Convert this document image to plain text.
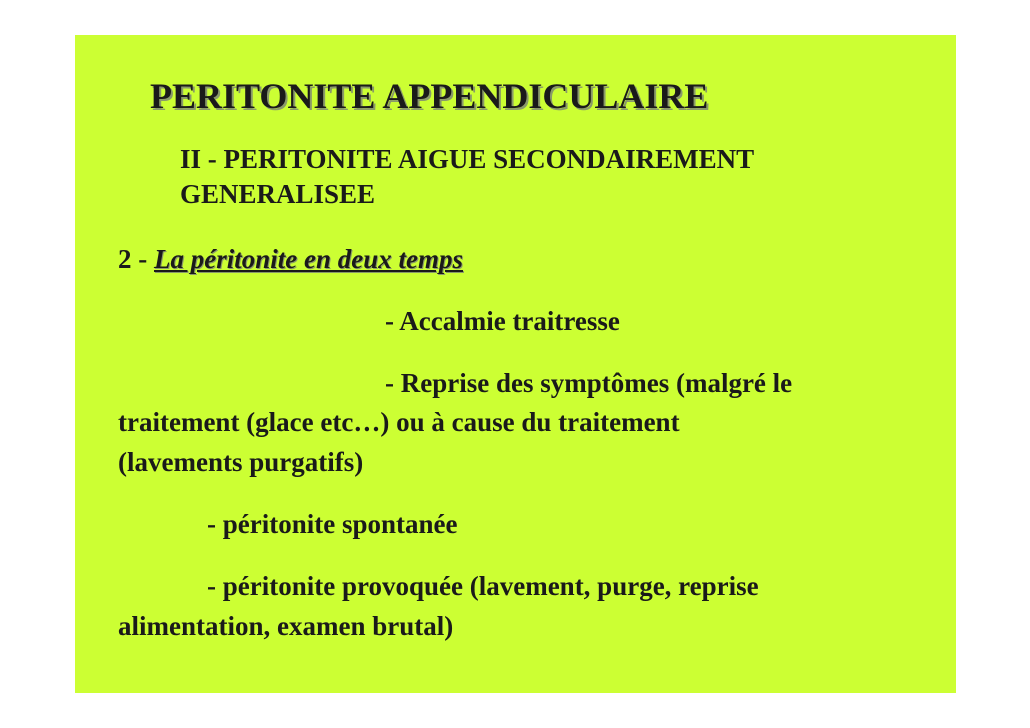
PERITONITE APPENDICULAIRE
II - PERITONITE AIGUE SECONDAIREMENT
GENERALISEE
2 - La péritonite en deux temps
- Accalmie traitresse
- Reprise des symptômes (malgré le
traitement (glace etc…) ou à cause du traitement
(lavements purgatifs)
- péritonite spontanée
- péritonite provoquée (lavement, purge, reprise
alimentation, examen brutal)
